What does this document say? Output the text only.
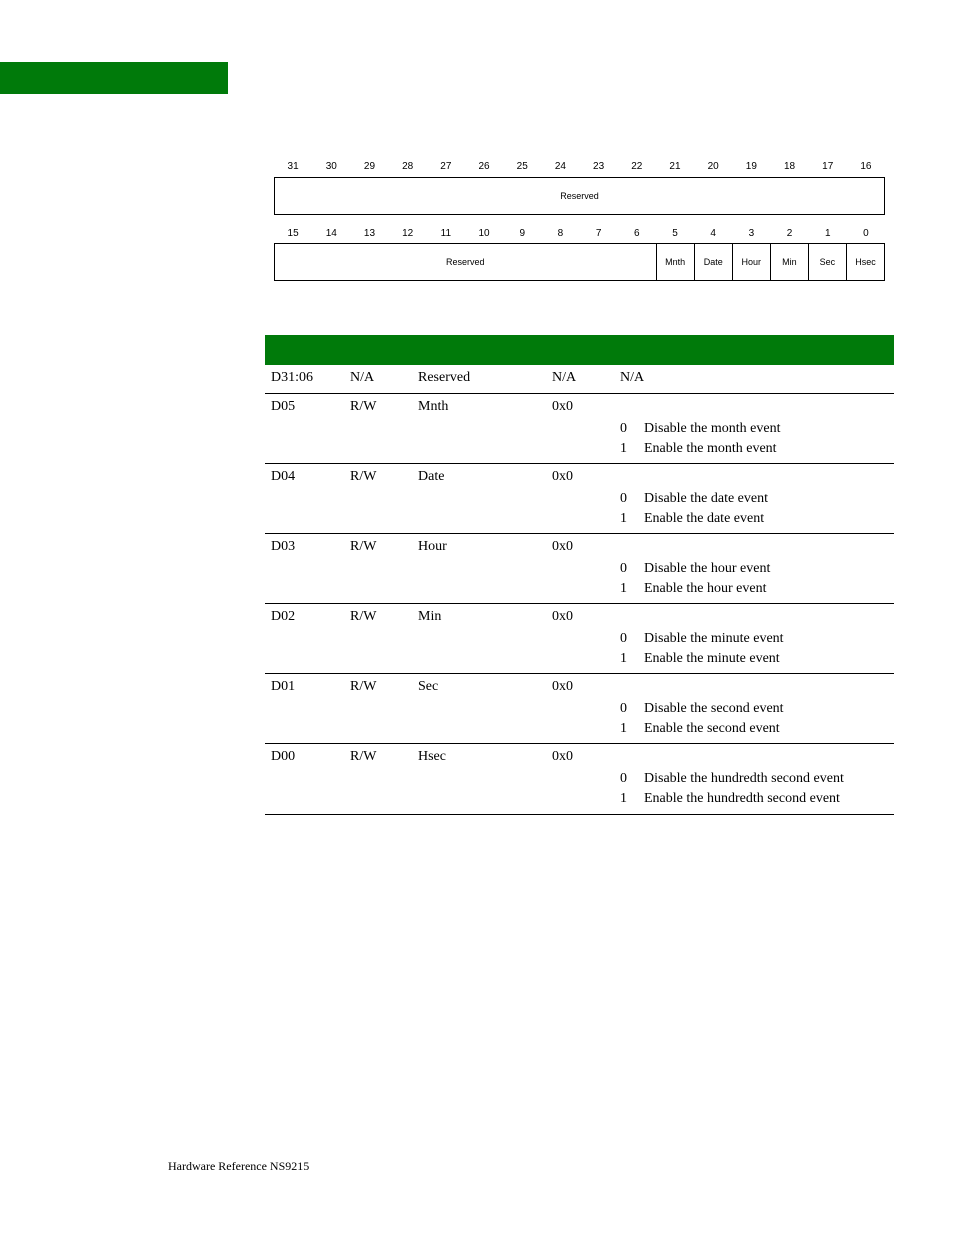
31	30	29	28	27	26	25	24	23	22	21	20	19	18	17	16
Reserved
15	14	13	12	11	10	9	8	7	6	5	4	3	2	1	0
Reserved	Mnth	Date	Hour	Min	Sec	Hsec
D31:06	N/A	Reserved	N/A	N/A
D05	R/W	Mnth	0x0
0 Disable the month event
1 Enable the month event
D04	R/W	Date	0x0
0 Disable the date event
1 Enable the date event
D03	R/W	Hour	0x0
0 Disable the hour event
1 Enable the hour event
D02	R/W	Min	0x0
0 Disable the minute event
1 Enable the minute event
D01	R/W	Sec	0x0
0 Disable the second event
1 Enable the second event
D00	R/W	Hsec	0x0
0 Disable the hundredth second event
1 Enable the hundredth second event
Hardware Reference NS9215
